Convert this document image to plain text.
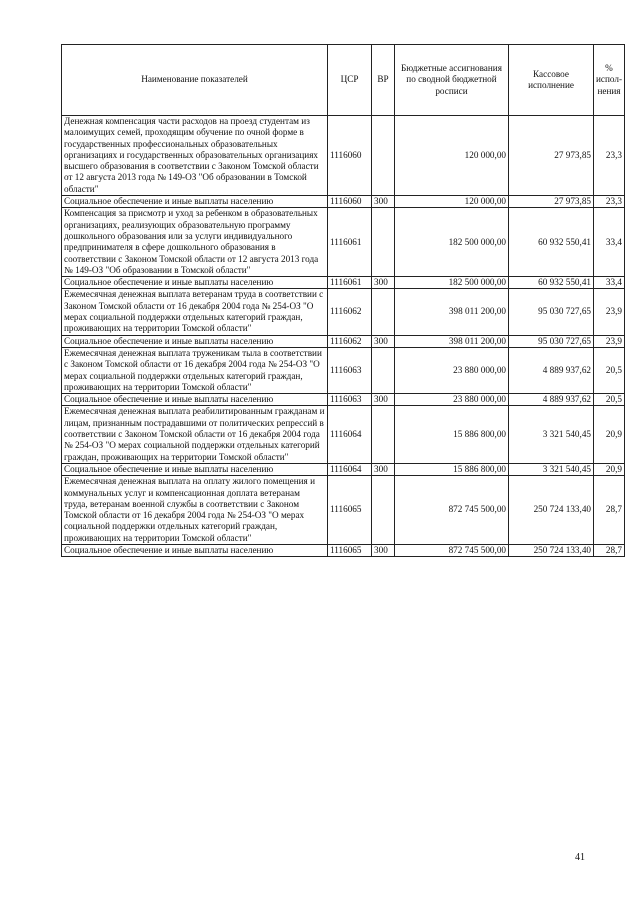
Наименование показателей	ЦСР	ВР	Бюджетные ассигнования по сводной бюджетной росписи	Кассовое исполнение	% испол- нения
Денежная компенсация части расходов на проезд студентам из малоимущих семей, проходящим обучение по очной форме в государственных профессиональных образовательных организациях и государственных образовательных организациях высшего образования в соответствии с Законом Томской области от 12 августа 2013 года № 149-ОЗ "Об образовании в Томской области"	1116060		120 000,00	27 973,85	23,3
Социальное обеспечение и иные выплаты населению	1116060	300	120 000,00	27 973,85	23,3
Компенсация за присмотр и уход за ребенком в образовательных организациях, реализующих образовательную программу дошкольного образования или за услуги индивидуального предпринимателя в сфере дошкольного образования в соответствии с Законом Томской области от 12 августа 2013 года № 149-ОЗ "Об образовании в Томской области"	1116061		182 500 000,00	60 932 550,41	33,4
Социальное обеспечение и иные выплаты населению	1116061	300	182 500 000,00	60 932 550,41	33,4
Ежемесячная денежная выплата ветеранам труда в соответствии с Законом Томской области от 16 декабря 2004 года № 254-ОЗ "О мерах социальной поддержки отдельных категорий граждан, проживающих на территории Томской области"	1116062		398 011 200,00	95 030 727,65	23,9
Социальное обеспечение и иные выплаты населению	1116062	300	398 011 200,00	95 030 727,65	23,9
Ежемесячная денежная выплата труженикам тыла в соответствии с Законом Томской области от 16 декабря 2004 года № 254-ОЗ "О мерах социальной поддержки отдельных категорий граждан, проживающих на территории Томской области"	1116063		23 880 000,00	4 889 937,62	20,5
Социальное обеспечение и иные выплаты населению	1116063	300	23 880 000,00	4 889 937,62	20,5
Ежемесячная денежная выплата реабилитированным гражданам и лицам, признанным пострадавшими от политических репрессий в соответствии с Законом Томской области от 16 декабря 2004 года № 254-ОЗ "О мерах социальной поддержки отдельных категорий граждан, проживающих на территории Томской области"	1116064		15 886 800,00	3 321 540,45	20,9
Социальное обеспечение и иные выплаты населению	1116064	300	15 886 800,00	3 321 540,45	20,9
Ежемесячная денежная выплата на оплату жилого помещения и коммунальных услуг и компенсационная доплата ветеранам труда, ветеранам военной службы в соответствии с Законом Томской области от 16 декабря 2004 года № 254-ОЗ "О мерах социальной поддержки отдельных категорий граждан, проживающих на территории Томской области"	1116065		872 745 500,00	250 724 133,40	28,7
Социальное обеспечение и иные выплаты населению	1116065	300	872 745 500,00	250 724 133,40	28,7
41
